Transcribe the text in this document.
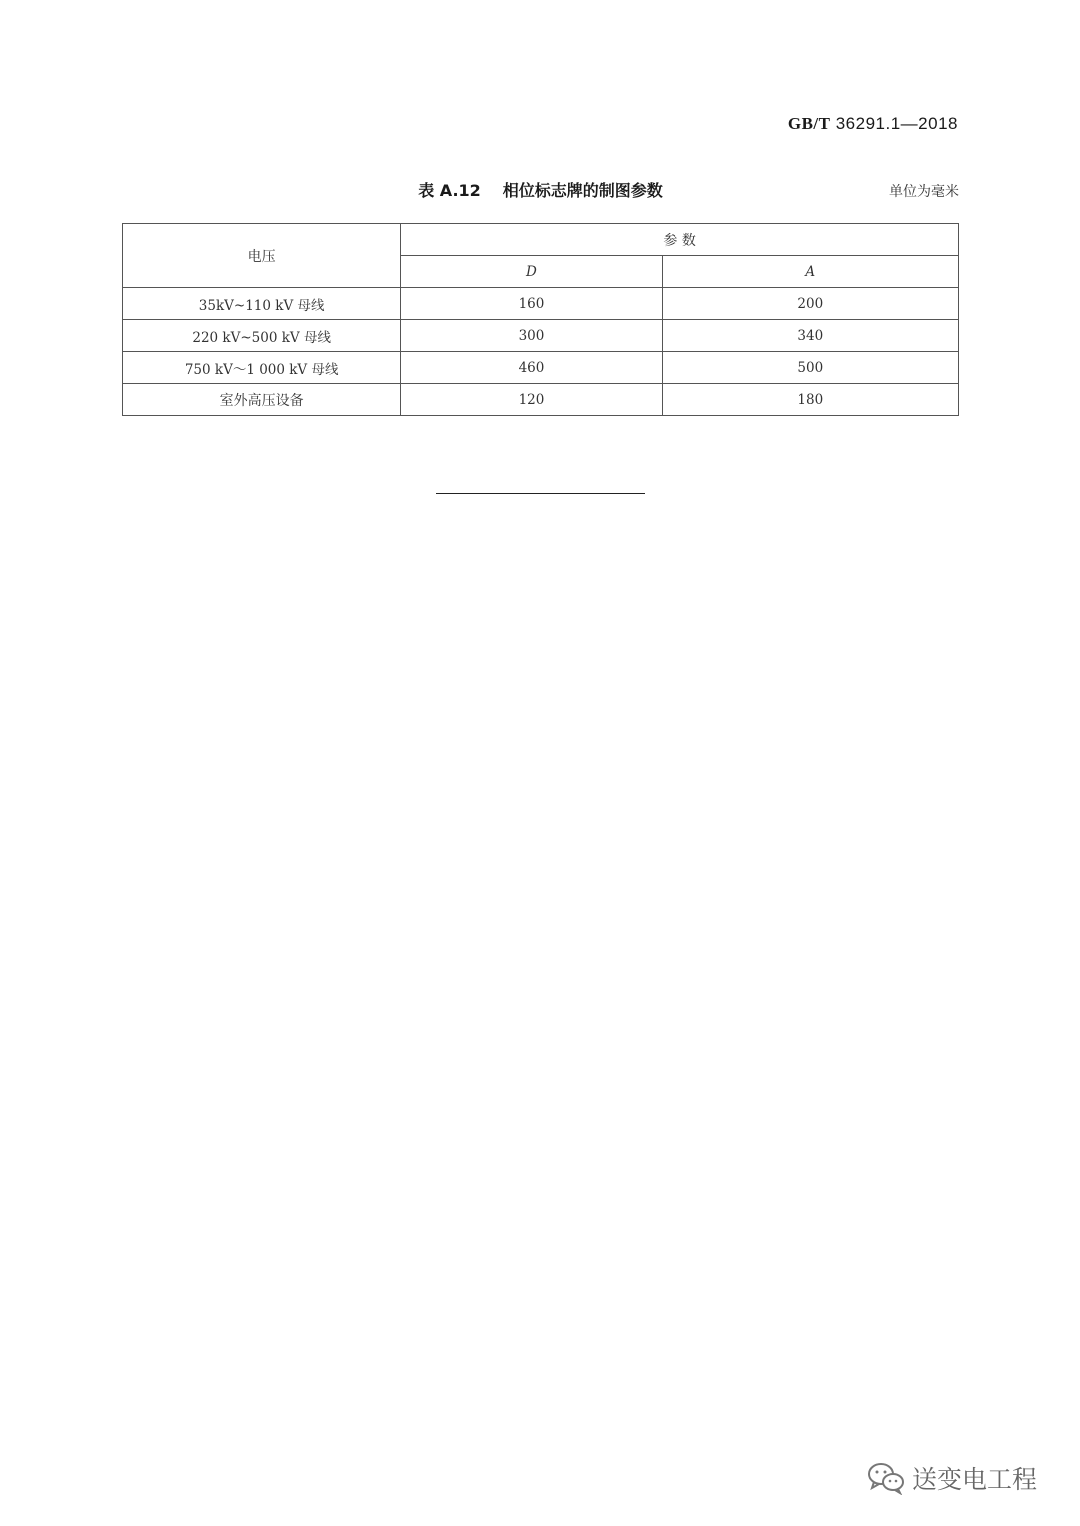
GB/T 36291.1—2018
表 A.12 相位标志牌的制图参数	单位为毫米
电压	参 数	
	D	A
35kV~110 kV 母线	160	200
220 kV~500 kV 母线	300	340
750 kV～1 000 kV 母线	460	500
室外高压设备	120	180
送变电工程
